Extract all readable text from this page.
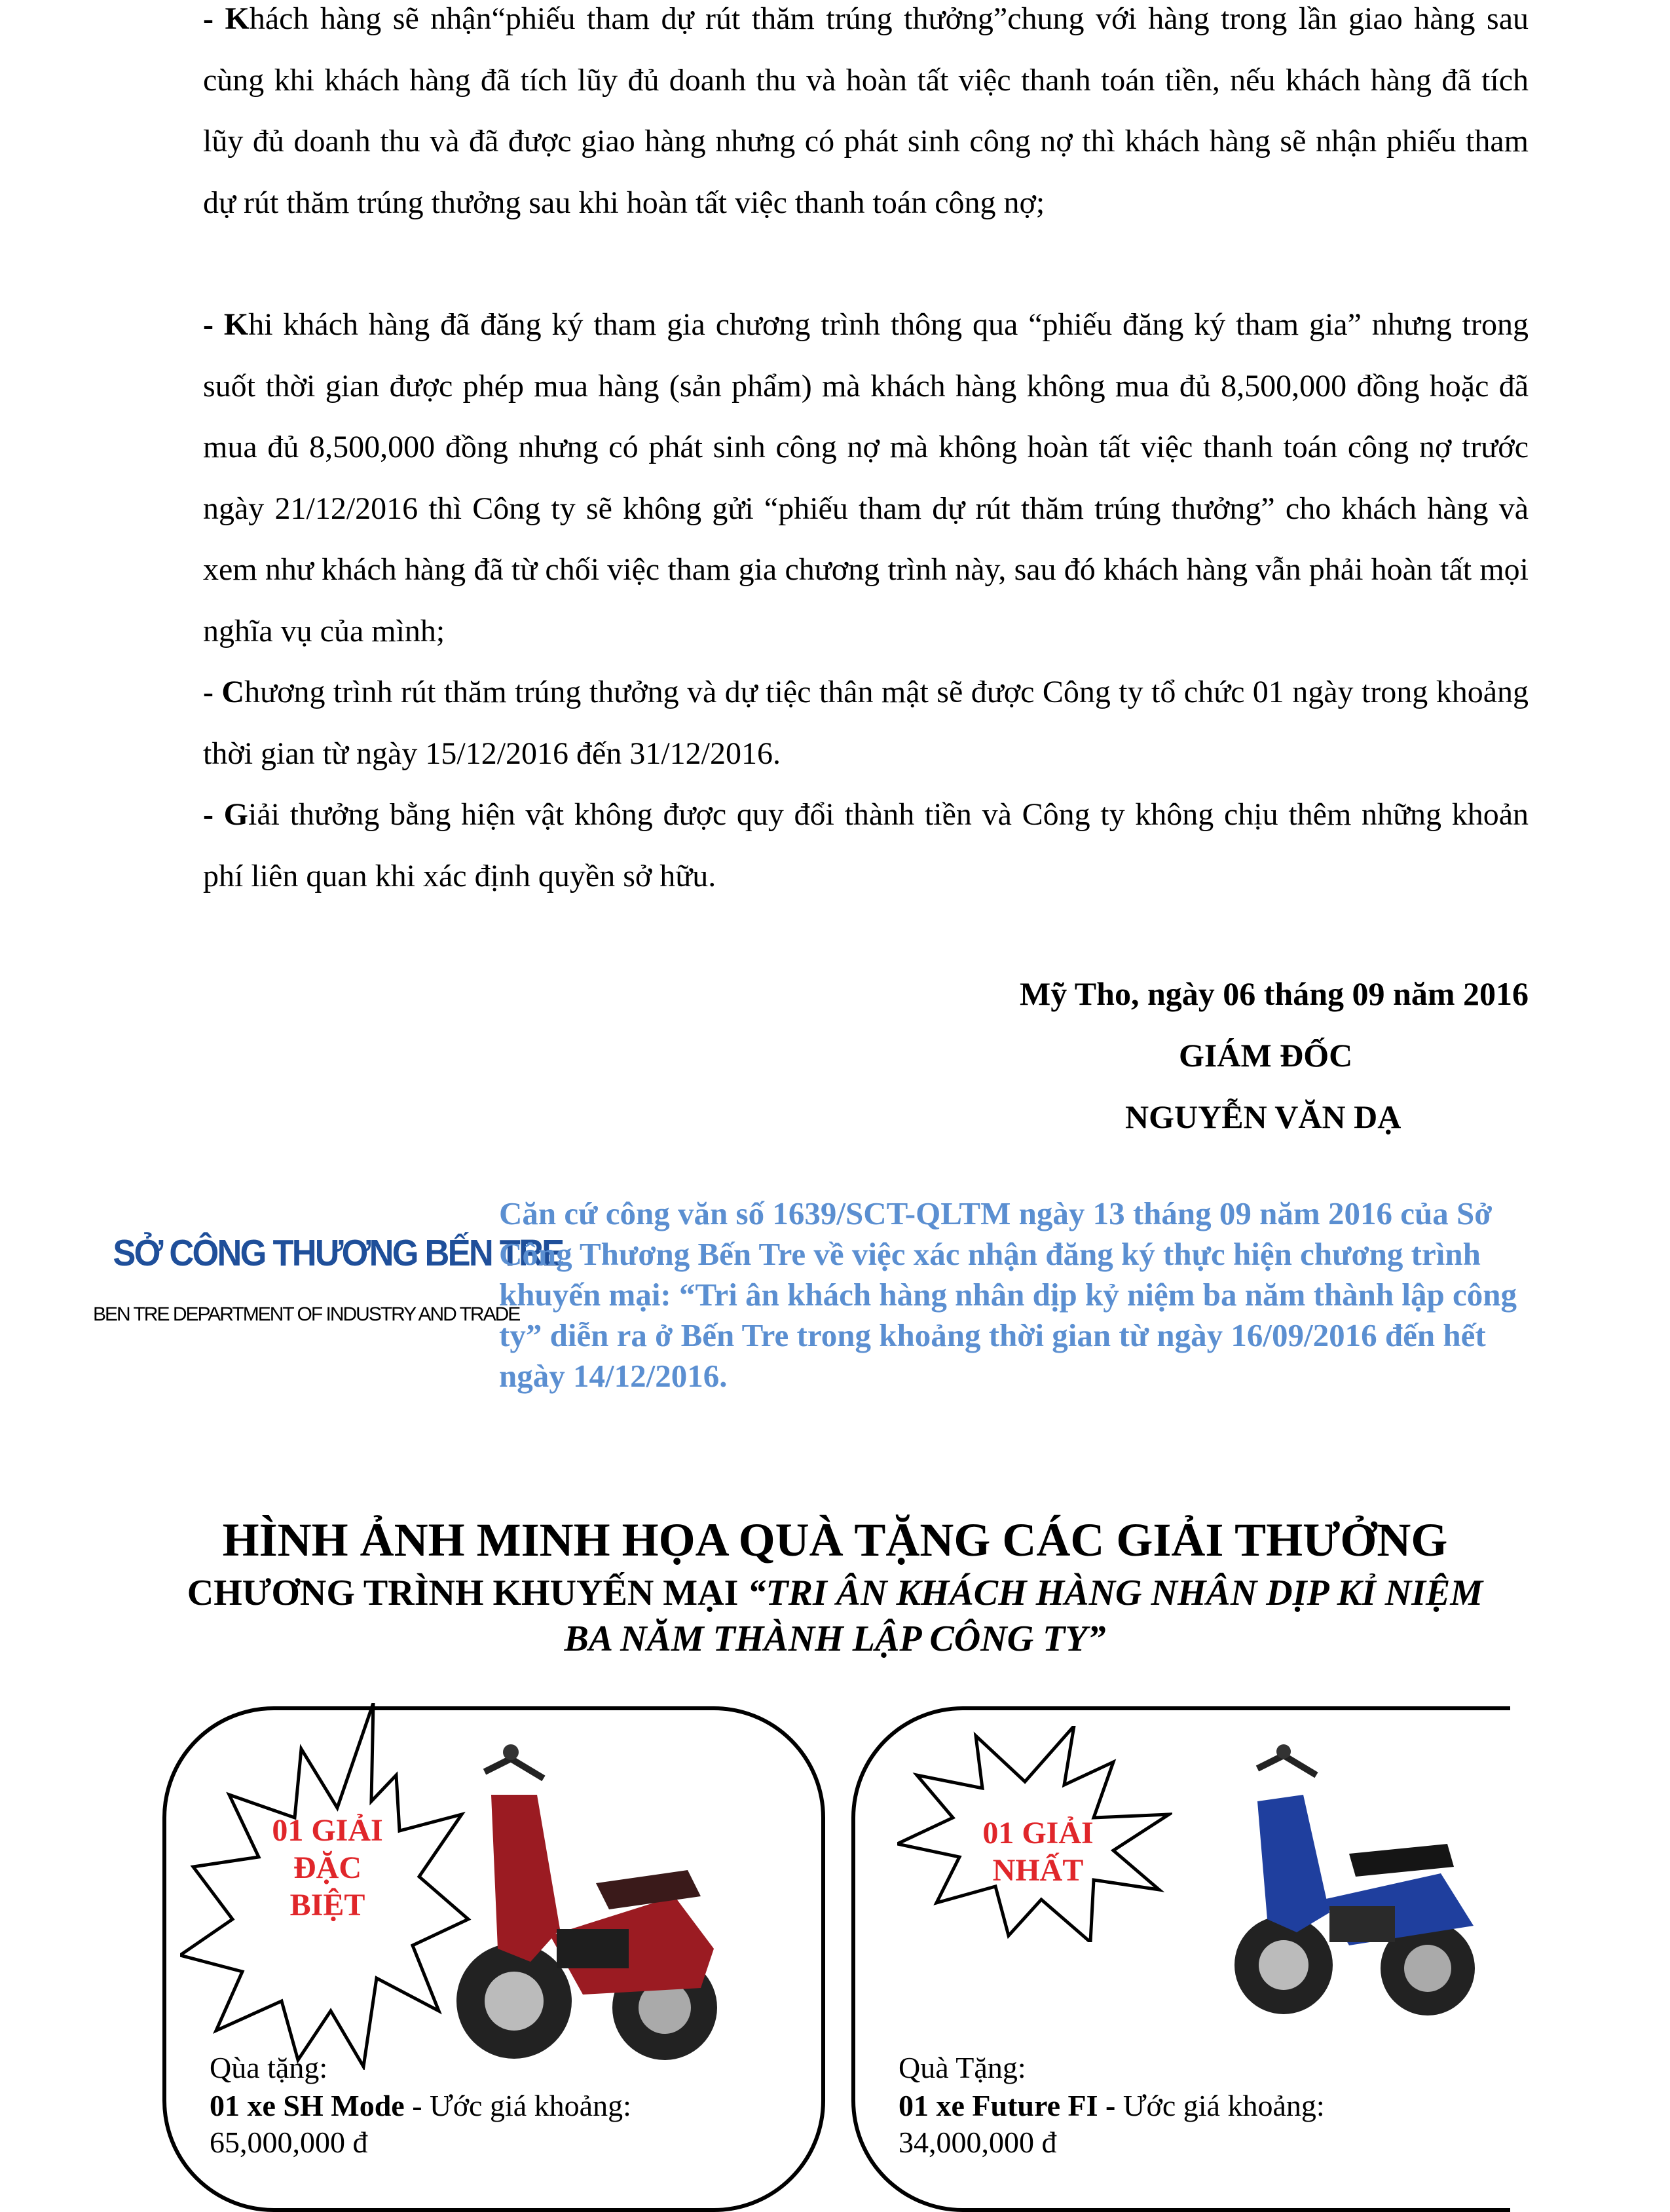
- Khách hàng sẽ nhận“phiếu tham dự rút thăm trúng thưởng”chung với hàng trong lần giao hàng sau cùng khi khách hàng đã tích lũy đủ doanh thu và hoàn tất việc thanh toán tiền, nếu khách hàng đã tích lũy đủ doanh thu và đã được giao hàng nhưng có phát sinh công nợ thì khách hàng sẽ nhận phiếu tham dự rút thăm trúng thưởng sau khi hoàn tất việc thanh toán công nợ;

- Khi khách hàng đã đăng ký tham gia chương trình thông qua “phiếu đăng ký tham gia” nhưng trong suốt thời gian được phép mua hàng (sản phẩm) mà khách hàng không mua đủ 8,500,000 đồng hoặc đã mua đủ 8,500,000 đồng nhưng có phát sinh công nợ mà không hoàn tất việc thanh toán công nợ trước ngày 21/12/2016 thì Công ty sẽ không gửi “phiếu tham dự rút thăm trúng thưởng” cho khách hàng và xem như khách hàng đã từ chối việc tham gia chương trình này, sau đó khách hàng vẫn phải hoàn tất mọi nghĩa vụ của mình;

- Chương trình rút thăm trúng thưởng và dự tiệc thân mật sẽ được Công ty tổ chức 01 ngày trong khoảng thời gian từ ngày 15/12/2016 đến 31/12/2016.

- Giải thưởng bằng hiện vật không được quy đổi thành tiền và Công ty không chịu thêm những khoản phí liên quan khi xác định quyền sở hữu.

Mỹ Tho, ngày 06 tháng 09 năm 2016
GIÁM ĐỐC
NGUYỄN VĂN DẠ
SỞ CÔNG THƯƠNG BẾN TRE
BEN TRE DEPARTMENT OF INDUSTRY AND TRADE
Căn cứ công văn số 1639/SCT-QLTM ngày 13 tháng 09 năm 2016 của Sở Công Thương Bến Tre về việc xác nhận đăng ký thực hiện chương trình khuyến mại: “Tri ân khách hàng nhân dịp kỷ niệm ba năm thành lập công ty” diễn ra ở Bến Tre trong khoảng thời gian từ ngày 16/09/2016 đến hết ngày 14/12/2016.
HÌNH ẢNH MINH HỌA QUÀ TẶNG CÁC GIẢI THƯỞNG
CHƯƠNG TRÌNH KHUYẾN MẠI “TRI ÂN KHÁCH HÀNG NHÂN DỊP KỈ NIỆM
BA NĂM THÀNH LẬP CÔNG TY”
01 GIẢI
ĐẶC
BIỆT
Qùa tặng:
01 xe SH Mode - Ước giá khoảng:
65,000,000 đ
01 GIẢI
NHẤT
Quà Tặng:
01 xe Future FI - Ước giá khoảng:
34,000,000 đ
